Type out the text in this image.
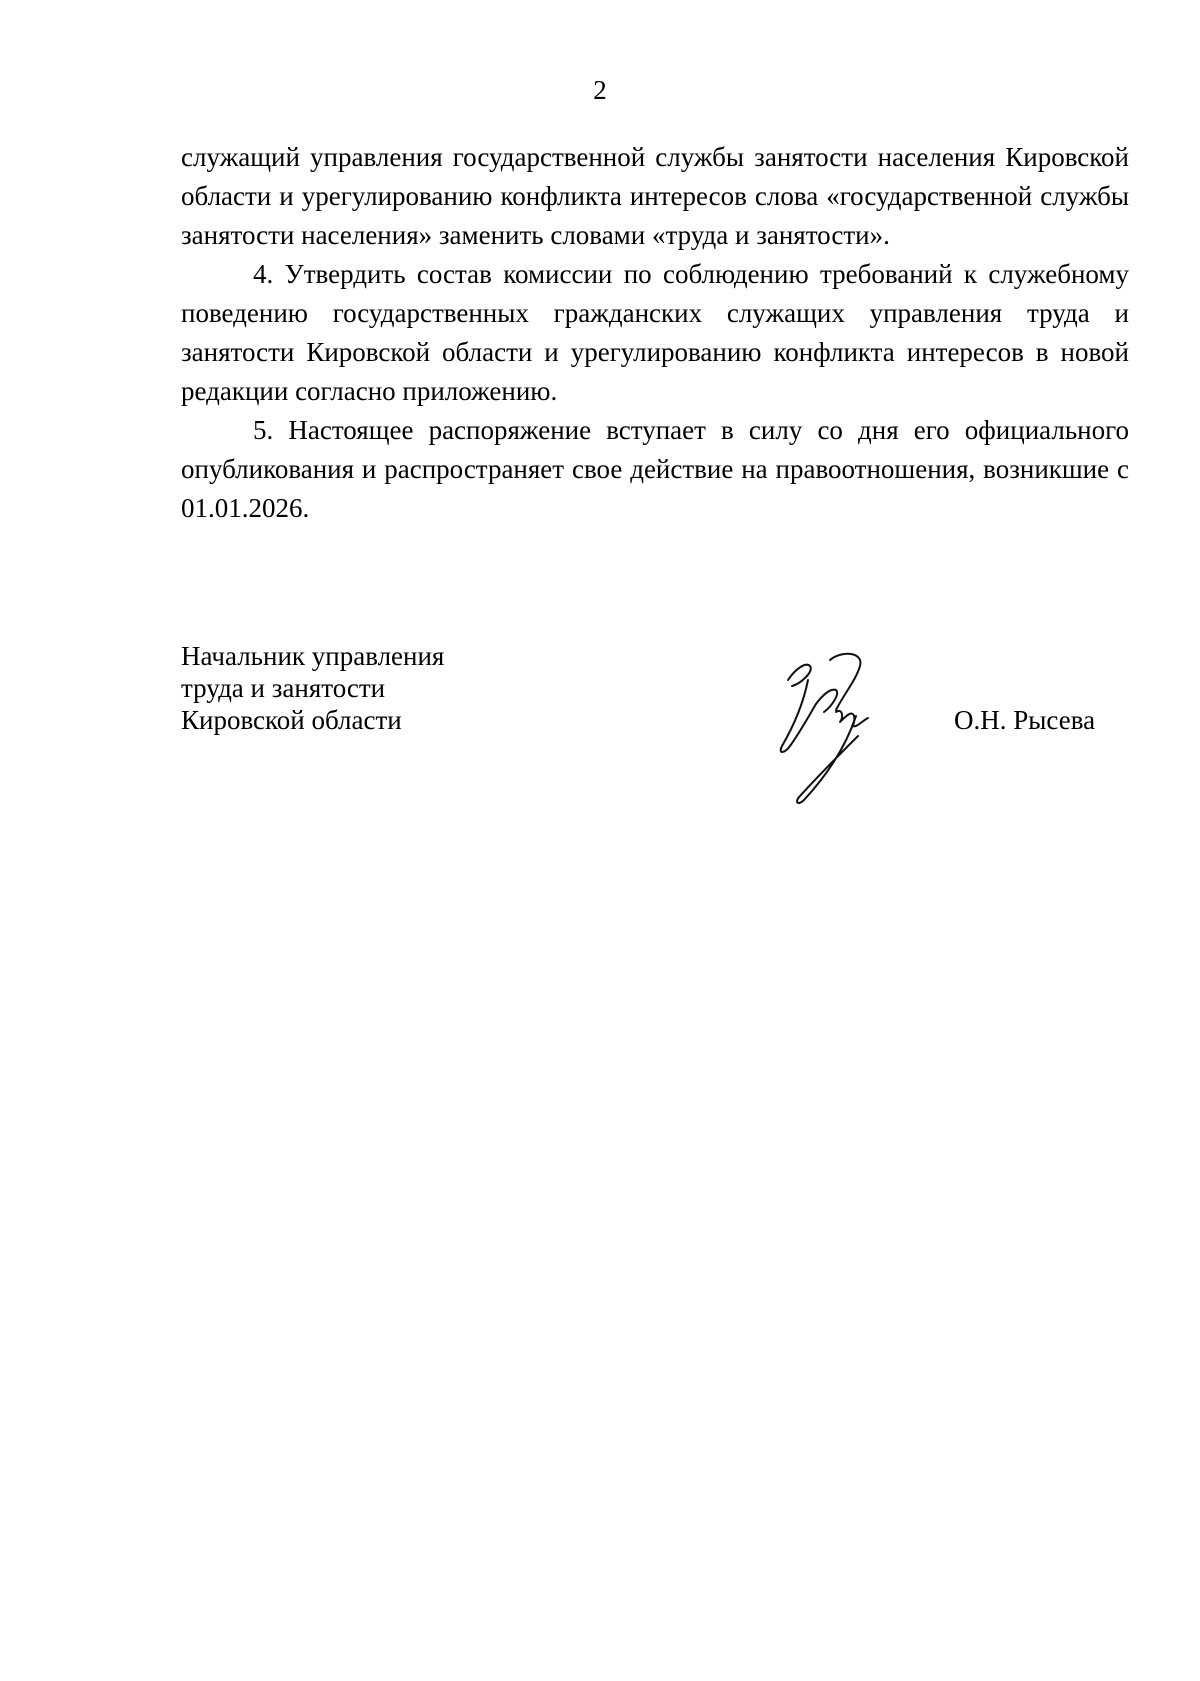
2

служащий управления государственной службы занятости населения Кировской области и урегулированию конфликта интересов слова «государственной службы занятости населения» заменить словами «труда и занятости».

4. Утвердить состав комиссии по соблюдению требований к служебному поведению государственных гражданских служащих управления труда и занятости Кировской области и урегулированию конфликта интересов в новой редакции согласно приложению.

5. Настоящее распоряжение вступает в силу со дня его официального опубликования и распространяет свое действие на правоотношения, возникшие с 01.01.2026.

Начальник управления
труда и занятости
Кировской области	О.Н. Рысева
